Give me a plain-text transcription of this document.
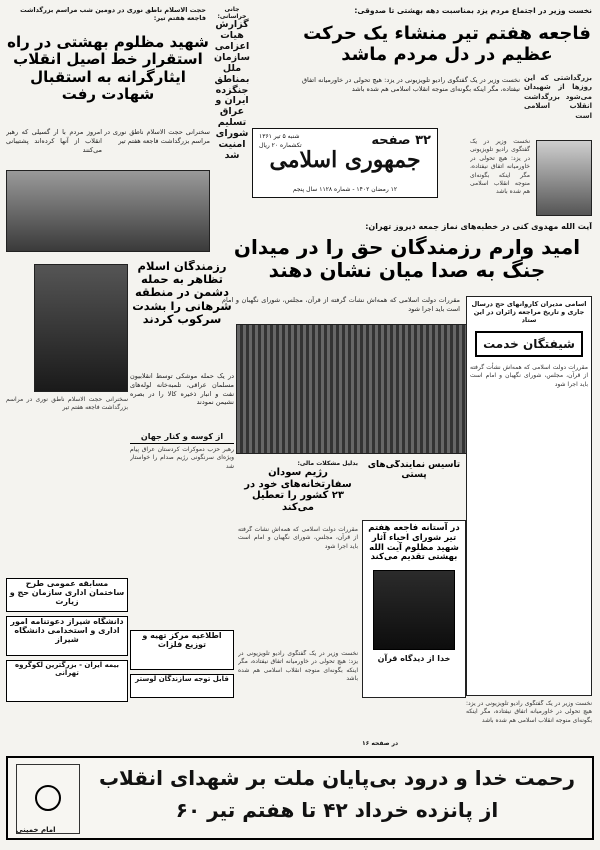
نخست وزیر در اجتماع مردم یزد بمناسبت دهه بهشتی تا صدوقی:
حجت الاسلام ناطق نوری در دومین شب مراسم بزرگداشت فاجعه هفتم تیر:
فاجعه هفتم تیر منشاء یک حرکت عظیم در دل مردم ماشد
نخست وزیر در یک گفتگوی رادیو تلویزیونی در یزد: هیچ تحولی در خاورمیانه اتفاق نیفتاده، مگر اینکه بگونه‌ای منوجه انقلاب اسلامی هم شده باشد
بزرگداشتی که این روزها از شهیدان می‌شود بزرگداشت انقلاب اسلامی است
۳۲ صفحه
جمهوری اسلامی
۱۲ رمضان ۱۴۰۲ - شماره ۱۱۲۸ سال پنجم
شنبه ۵ تیر ۱۳۶۱
تکشماره ۲۰ ریال
نخست وزیر در یک گفتگوی رادیو تلویزیونی در یزد: هیچ تحولی در خاورمیانه اتفاق نیفتاده، مگر اینکه بگونه‌ای منوجه انقلاب اسلامی هم شده باشد
جانی خراسانی:
گزارش هیات اعزامی سازمان ملل بمناطق جنگزده ایران و عراق تسلیم شورای امنیت شد
شهید مظلوم بهشتی در راه استقرار خط اصیل انقلاب ایثارگرانه به استقبال شهادت رفت
سخنرانی حجت الاسلام ناطق نوری در مراسم بزرگداشت فاجعه هفتم تیر
امروز مردم با ار گسیلی که رهبر انقلاب از آنها کرده‌اند پشتیبانی می‌کنند
آیت الله مهدوی کنی در خطبه‌های نماز جمعه دیروز تهران:
امید وارم رزمندگان حق را در میدان جنگ به صدا میان نشان دهند
مقررات دولت اسلامی که همه‌اش نشأت گرفته از قرآن، مجلس، شورای نگهبان و امام است باید اجرا شود
اسامی مدیران کاروانهای حج درسال جاری و تاریخ مراجعه زائران در این ستاد
شیفتگان خدمت
مقررات دولت اسلامی که همه‌اش نشأت گرفته از قرآن، مجلس، شورای نگهبان و امام است باید اجرا شود
رزمندگان اسلام تظاهر به حمله دشمن در منطقه شرهانی را بشدت سرکوب کردند
در یک حمله موشکی توسط انقلابیون مسلمان عراقی، تلمبه‌خانه لوله‌های نفت و انبار ذخیره کالا را در بصره نشیمن نمودند
سخنرانی حجت الاسلام ناطق نوری در مراسم بزرگداشت فاجعه هفتم تیر
از کوسه و کنار جهان
رهبر حزب دموکرات کردستان عراق پیام ویژه‌ای سرنگونی رژیم صدام را خواستار شد	بدلیل مشکلات مالی:
رژیم سودان سفارتخانه‌های خود در ۲۳ کشور را تعطیل می‌کند
مقررات دولت اسلامی که همه‌اش نشأت گرفته از قرآن، مجلس، شورای نگهبان و امام است باید اجرا شود
تأسیس نمایندگی‌های پستی
در آستانه فاجعه هفتم تیر شورای احیاء آثار شهید مظلوم آیت الله بهشتی تقدیم می‌کند
خدا از دیدگاه قرآن
مسابقه عمومی طرح ساختمان اداری سازمان حج و زیارت
دانشگاه شیراز دعوتنامه امور اداری و استخدامی دانشگاه شیراز
بیمه ایران - بزرگترین لکوگروه تهرانی
اطلاعیه مرکز تهیه و توزیع فلزات
قابل توجه سازندگان لوستر
نخست وزیر در یک گفتگوی رادیو تلویزیونی در یزد: هیچ تحولی در خاورمیانه اتفاق نیفتاده، مگر اینکه بگونه‌ای منوجه انقلاب اسلامی هم شده باشد
نخست وزیر در یک گفتگوی رادیو تلویزیونی در یزد: هیچ تحولی در خاورمیانه اتفاق نیفتاده، مگر اینکه بگونه‌ای منوجه انقلاب اسلامی هم شده باشد
در صفحه ۱۶
رحمت خدا و درود بی‌پایان ملت بر شهدای انقلاب
از پانزده خرداد ۴۲ تا هفتم تیر ۶۰
امام خمینی
